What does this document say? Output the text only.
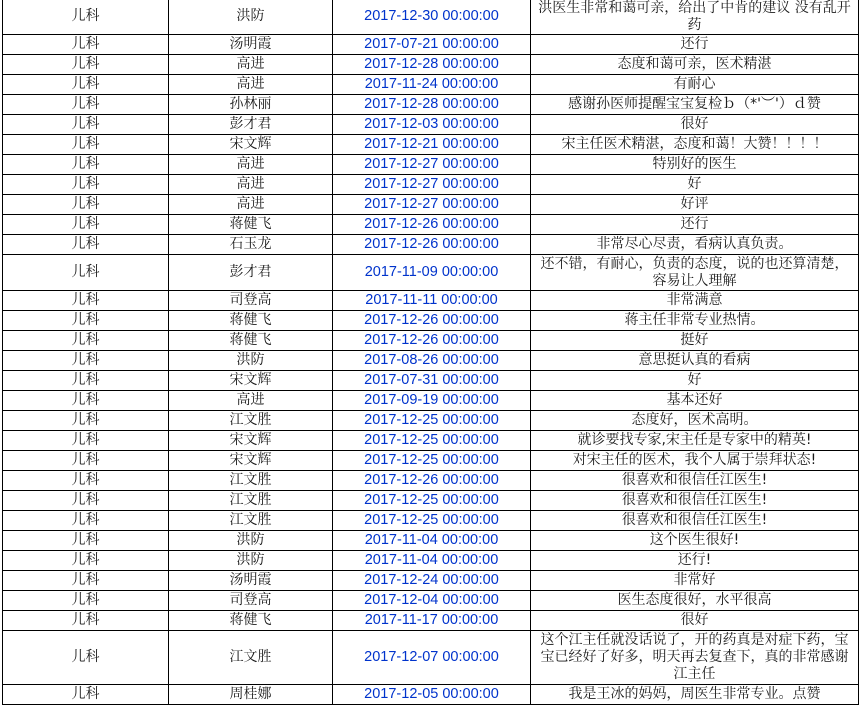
儿科	洪防	2017-12-30 00:00:00	洪医生非常和蔼可亲，给出了中肯的建议 没有乱开药
儿科	汤明霞	2017-07-21 00:00:00	还行
儿科	高进	2017-12-28 00:00:00	态度和蔼可亲，医术精湛
儿科	高进	2017-11-24 00:00:00	有耐心
儿科	孙林丽	2017-12-28 00:00:00	感谢孙医师提醒宝宝复检ｂ（*'︶'）ｄ赞
儿科	彭才君	2017-12-03 00:00:00	很好
儿科	宋文辉	2017-12-21 00:00:00	宋主任医术精湛，态度和蔼！大赞！！！！
儿科	高进	2017-12-27 00:00:00	特别好的医生
儿科	高进	2017-12-27 00:00:00	好
儿科	高进	2017-12-27 00:00:00	好评
儿科	蒋健飞	2017-12-26 00:00:00	还行
儿科	石玉龙	2017-12-26 00:00:00	非常尽心尽责，看病认真负责。
儿科	彭才君	2017-11-09 00:00:00	还不错，有耐心，负责的态度，说的也还算清楚，容易让人理解
儿科	司登高	2017-11-11 00:00:00	非常满意
儿科	蒋健飞	2017-12-26 00:00:00	蒋主任非常专业热情。
儿科	蒋健飞	2017-12-26 00:00:00	挺好
儿科	洪防	2017-08-26 00:00:00	意思挺认真的看病
儿科	宋文辉	2017-07-31 00:00:00	好
儿科	高进	2017-09-19 00:00:00	基本还好
儿科	江文胜	2017-12-25 00:00:00	态度好，医术高明。
儿科	宋文辉	2017-12-25 00:00:00	就诊要找专家,宋主任是专家中的精英!
儿科	宋文辉	2017-12-25 00:00:00	对宋主任的医术，我个人属于崇拜状态!
儿科	江文胜	2017-12-26 00:00:00	很喜欢和很信任江医生!
儿科	江文胜	2017-12-25 00:00:00	很喜欢和很信任江医生!
儿科	江文胜	2017-12-25 00:00:00	很喜欢和很信任江医生!
儿科	洪防	2017-11-04 00:00:00	这个医生很好!
儿科	洪防	2017-11-04 00:00:00	还行!
儿科	汤明霞	2017-12-24 00:00:00	非常好
儿科	司登高	2017-12-04 00:00:00	医生态度很好，水平很高
儿科	蒋健飞	2017-11-17 00:00:00	很好
儿科	江文胜	2017-12-07 00:00:00	这个江主任就没话说了，开的药真是对症下药，宝宝已经好了好多，明天再去复查下，真的非常感谢江主任
儿科	周桂娜	2017-12-05 00:00:00	我是王冰的妈妈，周医生非常专业。点赞
